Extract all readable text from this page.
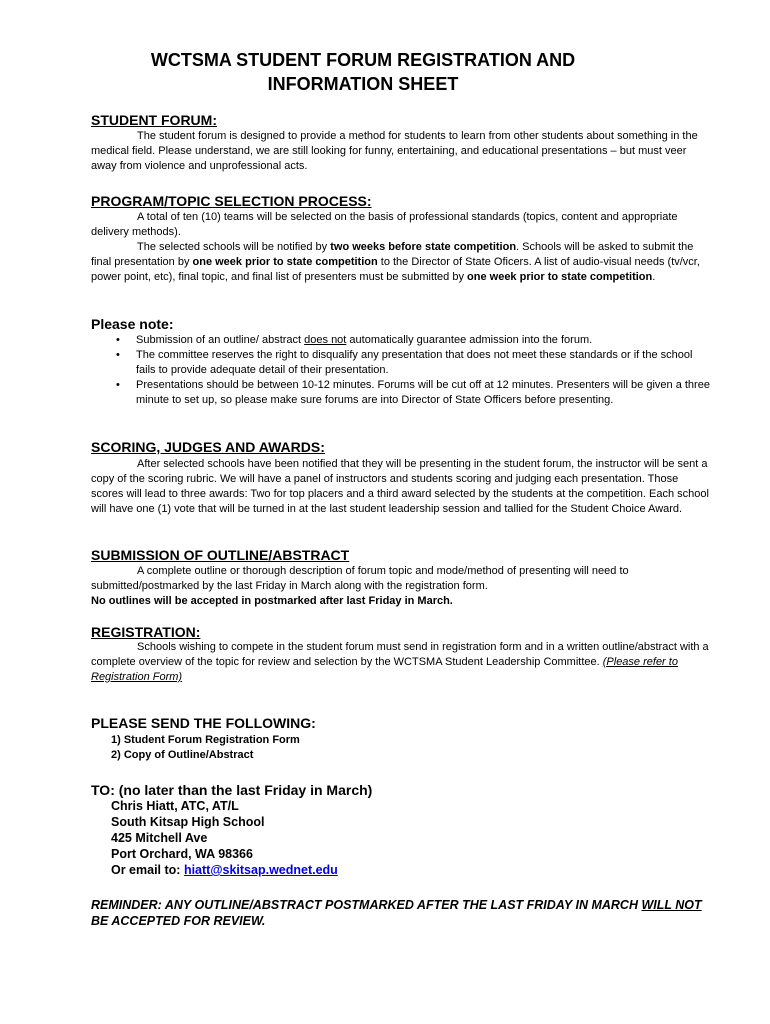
WCTSMA STUDENT FORUM REGISTRATION AND
INFORMATION SHEET
STUDENT FORUM:
The student forum is designed to provide a method for students to learn from other students about something in the medical field. Please understand, we are still looking for funny, entertaining, and educational presentations – but must veer away from violence and unprofessional acts.
PROGRAM/TOPIC SELECTION PROCESS:
A total of ten (10) teams will be selected on the basis of professional standards (topics, content and appropriate delivery methods).
The selected schools will be notified by two weeks before state competition. Schools will be asked to submit the final presentation by one week prior to state competition to the Director of State Oficers. A list of audio-visual needs (tv/vcr, power point, etc), final topic, and final list of presenters must be submitted by one week prior to state competition.
Please note:
• Submission of an outline/ abstract does not automatically guarantee admission into the forum.
• The committee reserves the right to disqualify any presentation that does not meet these standards or if the school fails to provide adequate detail of their presentation.
• Presentations should be between 10-12 minutes. Forums will be cut off at 12 minutes. Presenters will be given a three minute to set up, so please make sure forums are into Director of State Officers before presenting.
SCORING, JUDGES AND AWARDS:
After selected schools have been notified that they will be presenting in the student forum, the instructor will be sent a copy of the scoring rubric. We will have a panel of instructors and students scoring and judging each presentation. Those scores will lead to three awards: Two for top placers and a third award selected by the students at the competition. Each school will have one (1) vote that will be turned in at the last student leadership session and tallied for the Student Choice Award.
SUBMISSION OF OUTLINE/ABSTRACT
A complete outline or thorough description of forum topic and mode/method of presenting will need to submitted/postmarked by the last Friday in March along with the registration form.
No outlines will be accepted in postmarked after last Friday in March.
REGISTRATION:
Schools wishing to compete in the student forum must send in registration form and in a written outline/abstract with a complete overview of the topic for review and selection by the WCTSMA Student Leadership Committee. (Please refer to Registration Form)
PLEASE SEND THE FOLLOWING:
1) Student Forum Registration Form
2) Copy of Outline/Abstract
TO: (no later than the last Friday in March)
Chris Hiatt, ATC, AT/L
South Kitsap High School
425 Mitchell Ave
Port Orchard, WA 98366
Or email to: hiatt@skitsap.wednet.edu
REMINDER: ANY OUTLINE/ABSTRACT POSTMARKED AFTER THE LAST FRIDAY IN MARCH WILL NOT BE ACCEPTED FOR REVIEW.
